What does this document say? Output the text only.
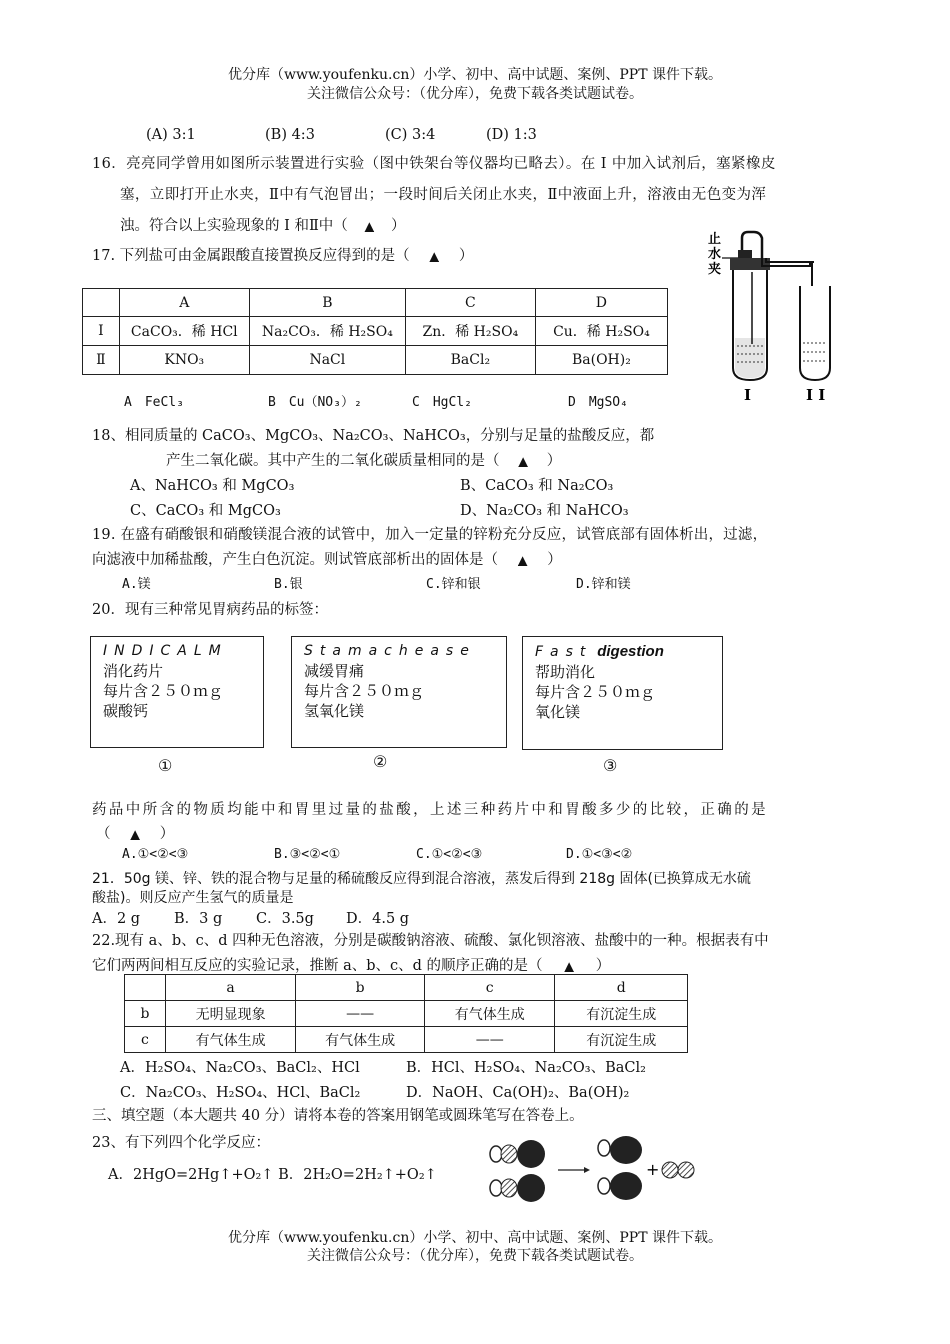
优分库（www.youfenku.cn）小学、初中、高中试题、案例、PPT 课件下载。
关注微信公众号：（优分库），免费下载各类试题试卷。
(A) 3:1	(B) 4:3	(C) 3:4	(D) 1:3
16．亮亮同学曾用如图所示装置进行实验（图中铁架台等仪器均已略去）。在 I 中加入试剂后，塞紧橡皮
塞，立即打开止水夹，Ⅱ中有气泡冒出；一段时间后关闭止水夹，Ⅱ中液面上升，溶液由无色变为浑
浊。符合以上实验现象的 I 和Ⅱ中（ ▲ ）
17. 下列盐可由金属跟酸直接置换反应得到的是（ ▲ ）
止
水
夹
I	I I
	A	B	C	D
I	CaCO₃．稀 HCl	Na₂CO₃．稀 H₂SO₄	Zn．稀 H₂SO₄	Cu．稀 H₂SO₄
Ⅱ	KNO₃	NaCl	BaCl₂	Ba(OH)₂
A　FeCl₃	B　Cu（NO₃）₂	C　HgCl₂	D　MgSO₄
18、相同质量的 CaCO₃、MgCO₃、Na₂CO₃、NaHCO₃，分别与足量的盐酸反应，都
产生二氧化碳。其中产生的二氧化碳质量相同的是（ ▲ ）
A、NaHCO₃ 和 MgCO₃	B、CaCO₃ 和 Na₂CO₃
C、CaCO₃ 和 MgCO₃	D、Na₂CO₃ 和 NaHCO₃
19. 在盛有硝酸银和硝酸镁混合液的试管中，加入一定量的锌粉充分反应，试管底部有固体析出，过滤，
向滤液中加稀盐酸，产生白色沉淀。则试管底部析出的固体是（ ▲ ）
A.镁	B.银	C.锌和银	D.锌和镁
20．现有三种常见胃病药品的标签：
INDICALM
消化药片
每片含２５０ｍｇ
碳酸钙
Stamachease
减缓胃痛
每片含２５０ｍｇ
氢氧化镁
Fast digestion
帮助消化
每片含２５０ｍｇ
氧化镁
①	②	③
药品中所含的物质均能中和胃里过量的盐酸，上述三种药片中和胃酸多少的比较，正确的是
（ ▲ ）
A.①<②<③	B.③<②<①	C.①<②<③	D.①<③<②
21．50g 镁、锌、铁的混合物与足量的稀硫酸反应得到混合溶液，蒸发后得到 218g 固体(已换算成无水硫
酸盐)。则反应产生氢气的质量是
A．2 g B．3 g C．3.5g D．4.5 g
22.现有 a、b、c、d 四种无色溶液，分别是碳酸钠溶液、硫酸、氯化钡溶液、盐酸中的一种。根据表有中
它们两两间相互反应的实验记录，推断 a、b、c、d 的顺序正确的是（ ▲ ）
	a	b	c	d
b	无明显现象	——	有气体生成	有沉淀生成
c	有气体生成	有气体生成	——	有沉淀生成
A．H₂SO₄、Na₂CO₃、BaCl₂、HCl	B．HCl、H₂SO₄、Na₂CO₃、BaCl₂
C．Na₂CO₃、H₂SO₄、HCl、BaCl₂	D．NaOH、Ca(OH)₂、Ba(OH)₂
三、填空题（本大题共 40 分）请将本卷的答案用钢笔或圆珠笔写在答卷上。
23、有下列四个化学反应：
A．2HgO=2Hg↑+O₂↑ B．2H₂O=2H₂↑+O₂↑	+
优分库（www.youfenku.cn）小学、初中、高中试题、案例、PPT 课件下载。
关注微信公众号：（优分库），免费下载各类试题试卷。
